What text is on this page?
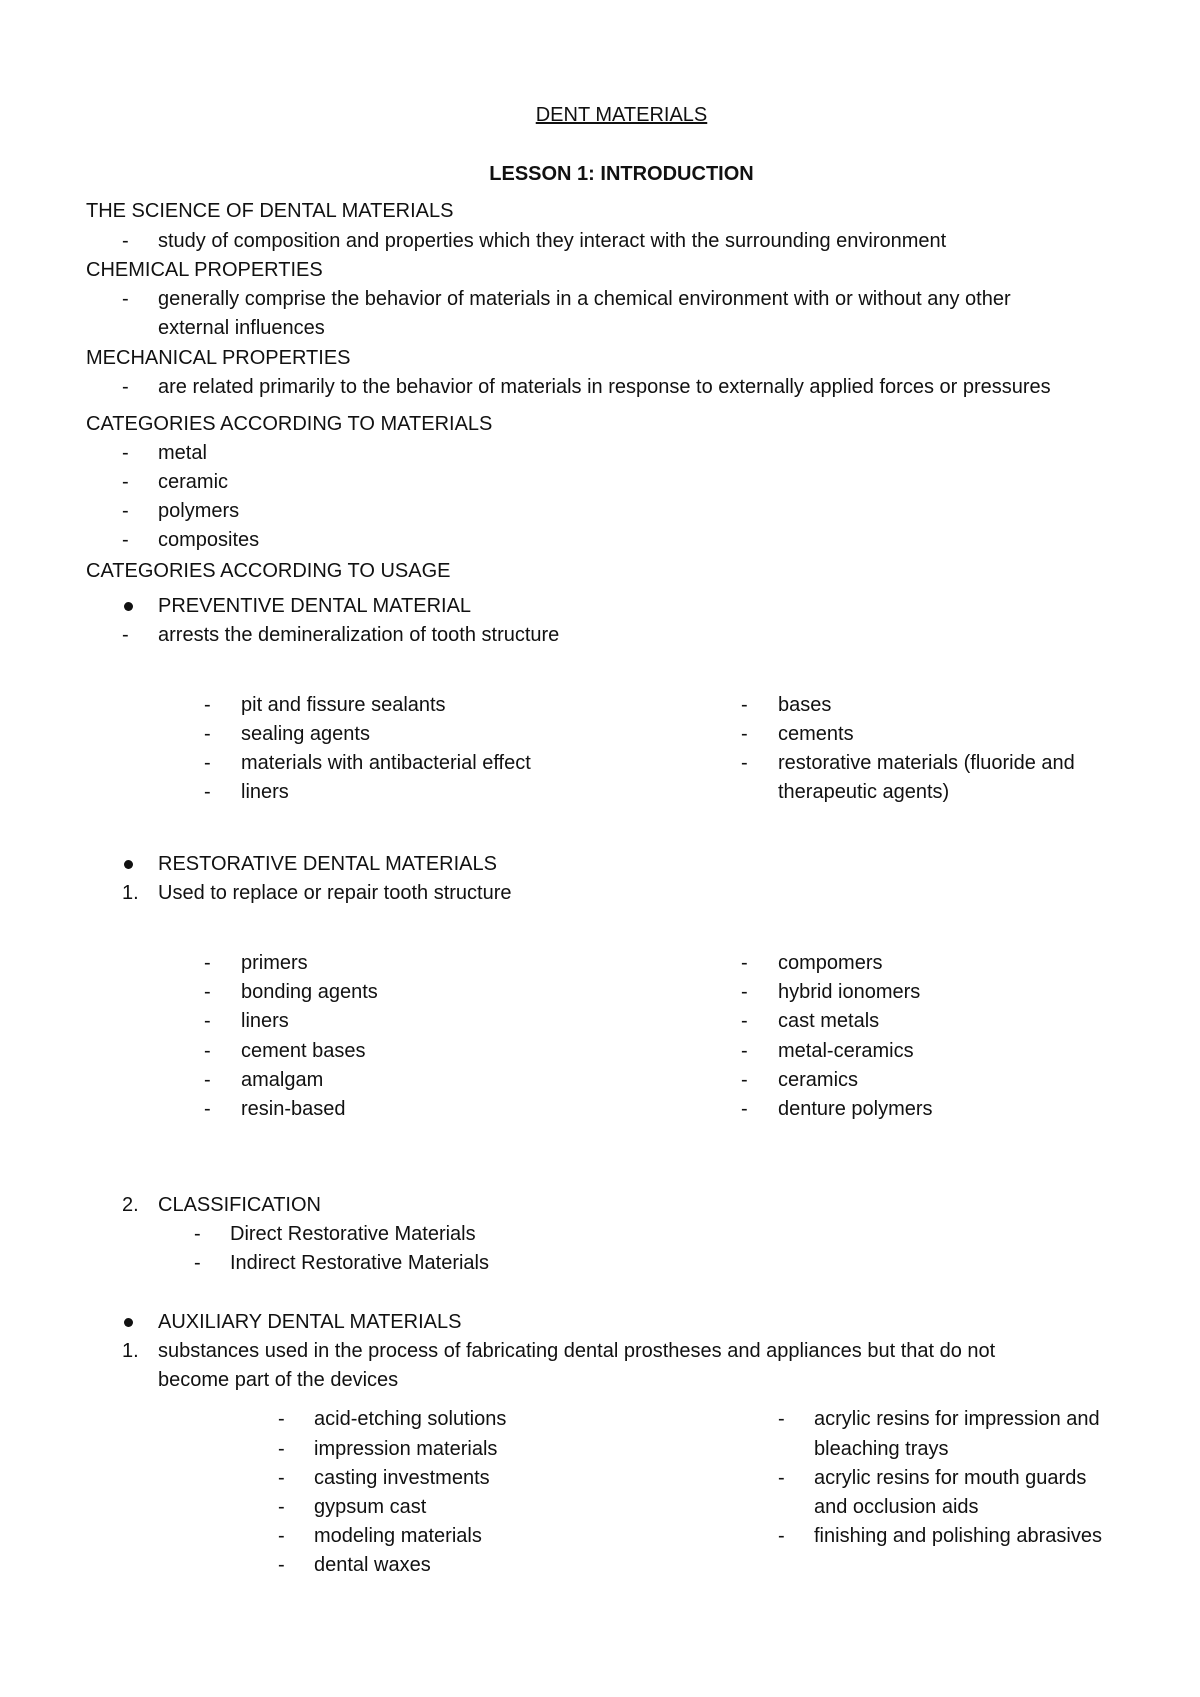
DENT MATERIALS
LESSON 1: INTRODUCTION
THE SCIENCE OF DENTAL MATERIALS
- study of composition and properties which they interact with the surrounding environment
CHEMICAL PROPERTIES
- generally comprise the behavior of materials in a chemical environment with or without any other
external influences
MECHANICAL PROPERTIES
- are related primarily to the behavior of materials in response to externally applied forces or pressures
CATEGORIES ACCORDING TO MATERIALS
- metal
- ceramic
- polymers
- composites
CATEGORIES ACCORDING TO USAGE
PREVENTIVE DENTAL MATERIAL
- arrests the demineralization of tooth structure
- pit and fissure sealants
- sealing agents
- materials with antibacterial effect
- liners
- bases
- cements
- restorative materials (fluoride and
therapeutic agents)
RESTORATIVE DENTAL MATERIALS
1. Used to replace or repair tooth structure
- primers
- bonding agents
- liners
- cement bases
- amalgam
- resin-based
- compomers
- hybrid ionomers
- cast metals
- metal-ceramics
- ceramics
- denture polymers
2. CLASSIFICATION
- Direct Restorative Materials
- Indirect Restorative Materials
AUXILIARY DENTAL MATERIALS
1. substances used in the process of fabricating dental prostheses and appliances but that do not
become part of the devices
- acid-etching solutions
- impression materials
- casting investments
- gypsum cast
- modeling materials
- dental waxes
- acrylic resins for impression and
bleaching trays
- acrylic resins for mouth guards
and occlusion aids
- finishing and polishing abrasives
